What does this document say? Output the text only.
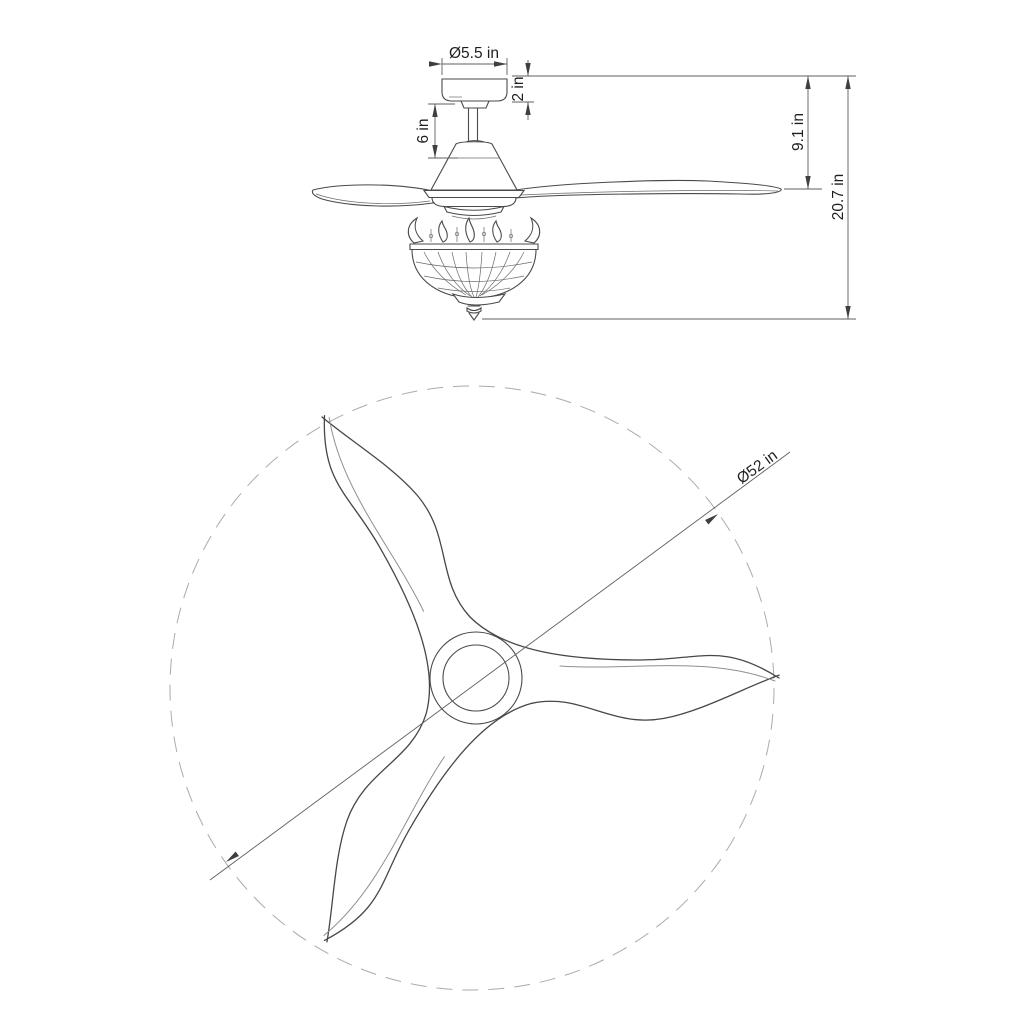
Ø5.5 in
2 in
6 in	9.1 in
20.7 in
Ø52 in
